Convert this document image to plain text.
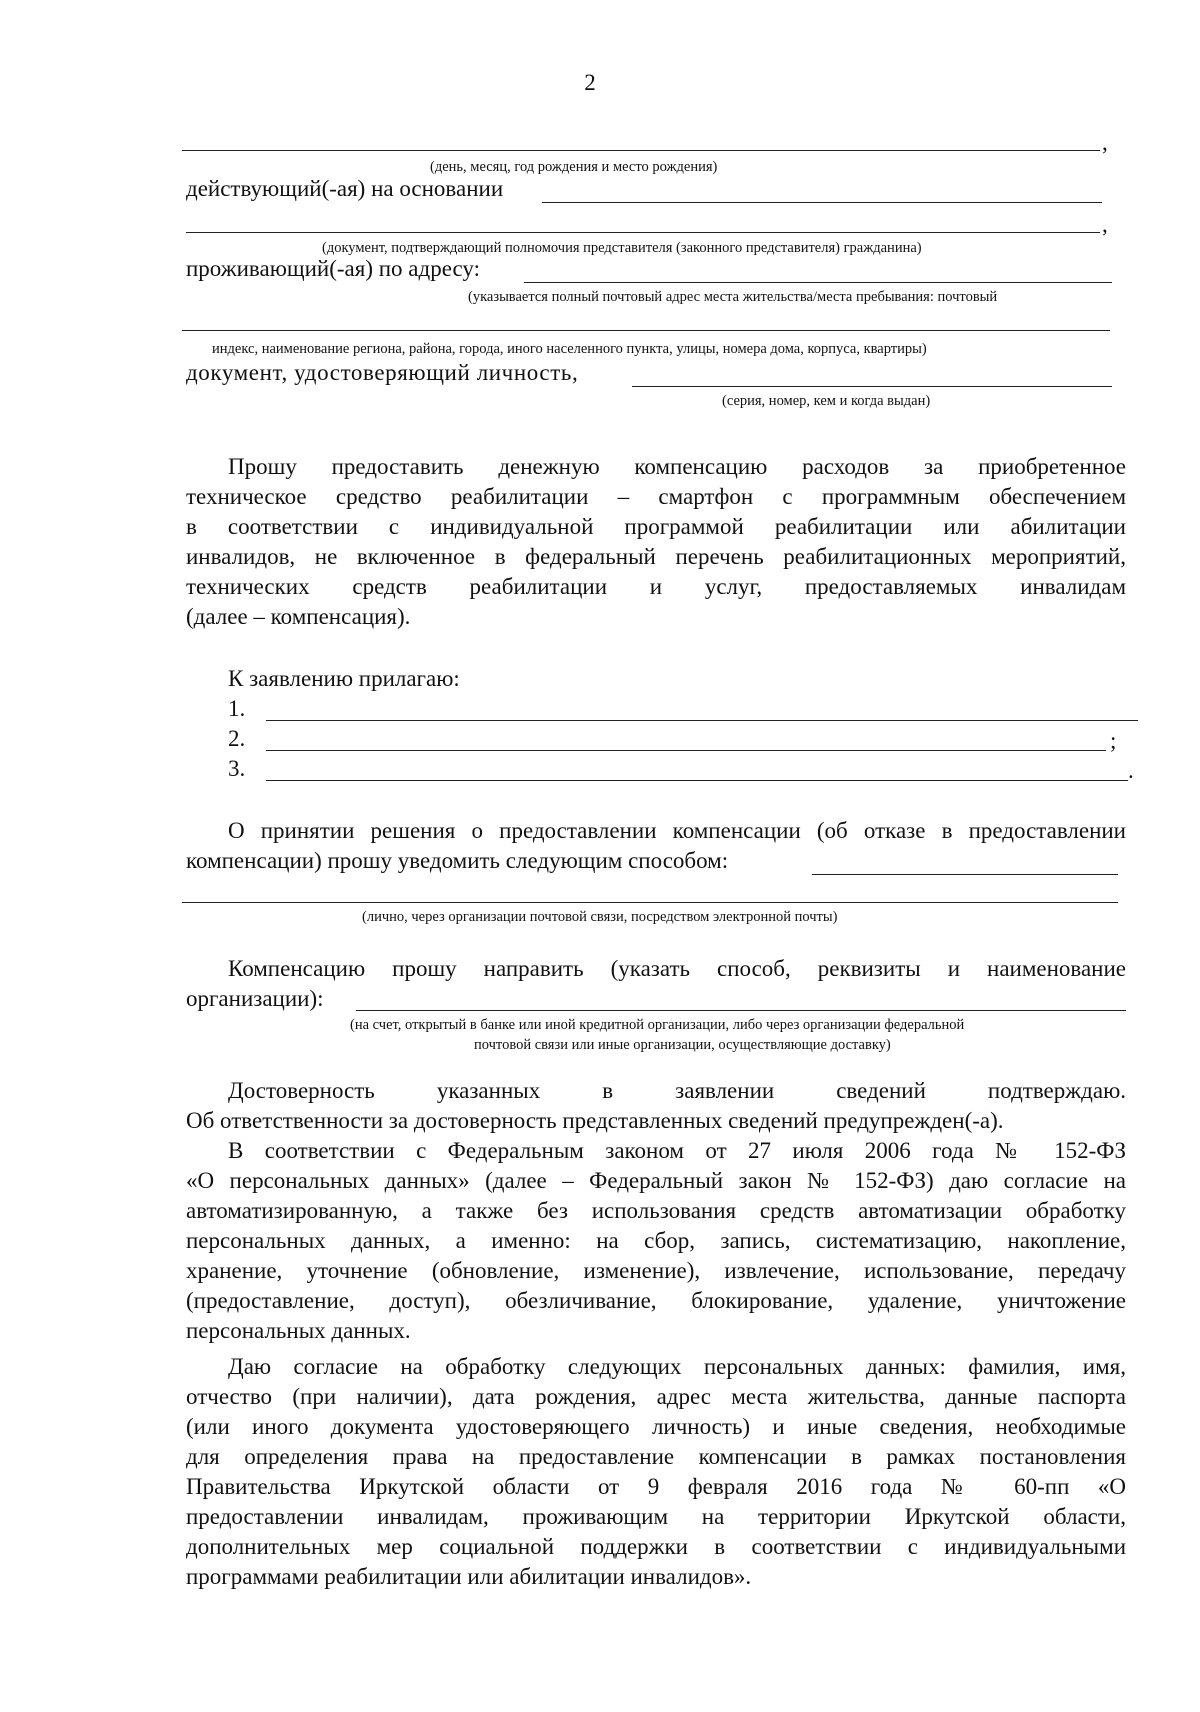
2
,
(день, месяц, год рождения и место рождения)
действующий(-ая) на основании
,
(документ, подтверждающий полномочия представителя (законного представителя) гражданина)
проживающий(-ая) по адресу:
(указывается полный почтовый адрес места жительства/места пребывания: почтовый
индекс, наименование региона, района, города, иного населенного пункта, улицы, номера дома, корпуса, квартиры)
документ, удостоверяющий личность,
(серия, номер, кем и когда выдан)
Прошу предоставить денежную компенсацию расходов за приобретенное
техническое средство реабилитации – смартфон с программным обеспечением
в соответствии с индивидуальной программой реабилитации или абилитации
инвалидов, не включенное в федеральный перечень реабилитационных мероприятий,
технических средств реабилитации и услуг, предоставляемых инвалидам
(далее – компенсация).
К заявлению прилагаю:
1.
2.	;
3.	.
О принятии решения о предоставлении компенсации (об отказе в предоставлении
компенсации) прошу уведомить следующим способом:
(лично, через организации почтовой связи, посредством электронной почты)
Компенсацию прошу направить (указать способ, реквизиты и наименование
организации):
(на счет, открытый в банке или иной кредитной организации, либо через организации федеральной
почтовой связи или иные организации, осуществляющие доставку)
Достоверность указанных в заявлении сведений подтверждаю.
Об ответственности за достоверность представленных сведений предупрежден(-а).
В соответствии с Федеральным законом от 27 июля 2006 года № 152-ФЗ
«О персональных данных» (далее – Федеральный закон № 152-ФЗ) даю согласие на
автоматизированную, а также без использования средств автоматизации обработку
персональных данных, а именно: на сбор, запись, систематизацию, накопление,
хранение, уточнение (обновление, изменение), извлечение, использование, передачу
(предоставление, доступ), обезличивание, блокирование, удаление, уничтожение
персональных данных.
Даю согласие на обработку следующих персональных данных: фамилия, имя,
отчество (при наличии), дата рождения, адрес места жительства, данные паспорта
(или иного документа удостоверяющего личность) и иные сведения, необходимые
для определения права на предоставление компенсации в рамках постановления
Правительства Иркутской области от 9 февраля 2016 года № 60-пп «О
предоставлении инвалидам, проживающим на территории Иркутской области,
дополнительных мер социальной поддержки в соответствии с индивидуальными
программами реабилитации или абилитации инвалидов».
